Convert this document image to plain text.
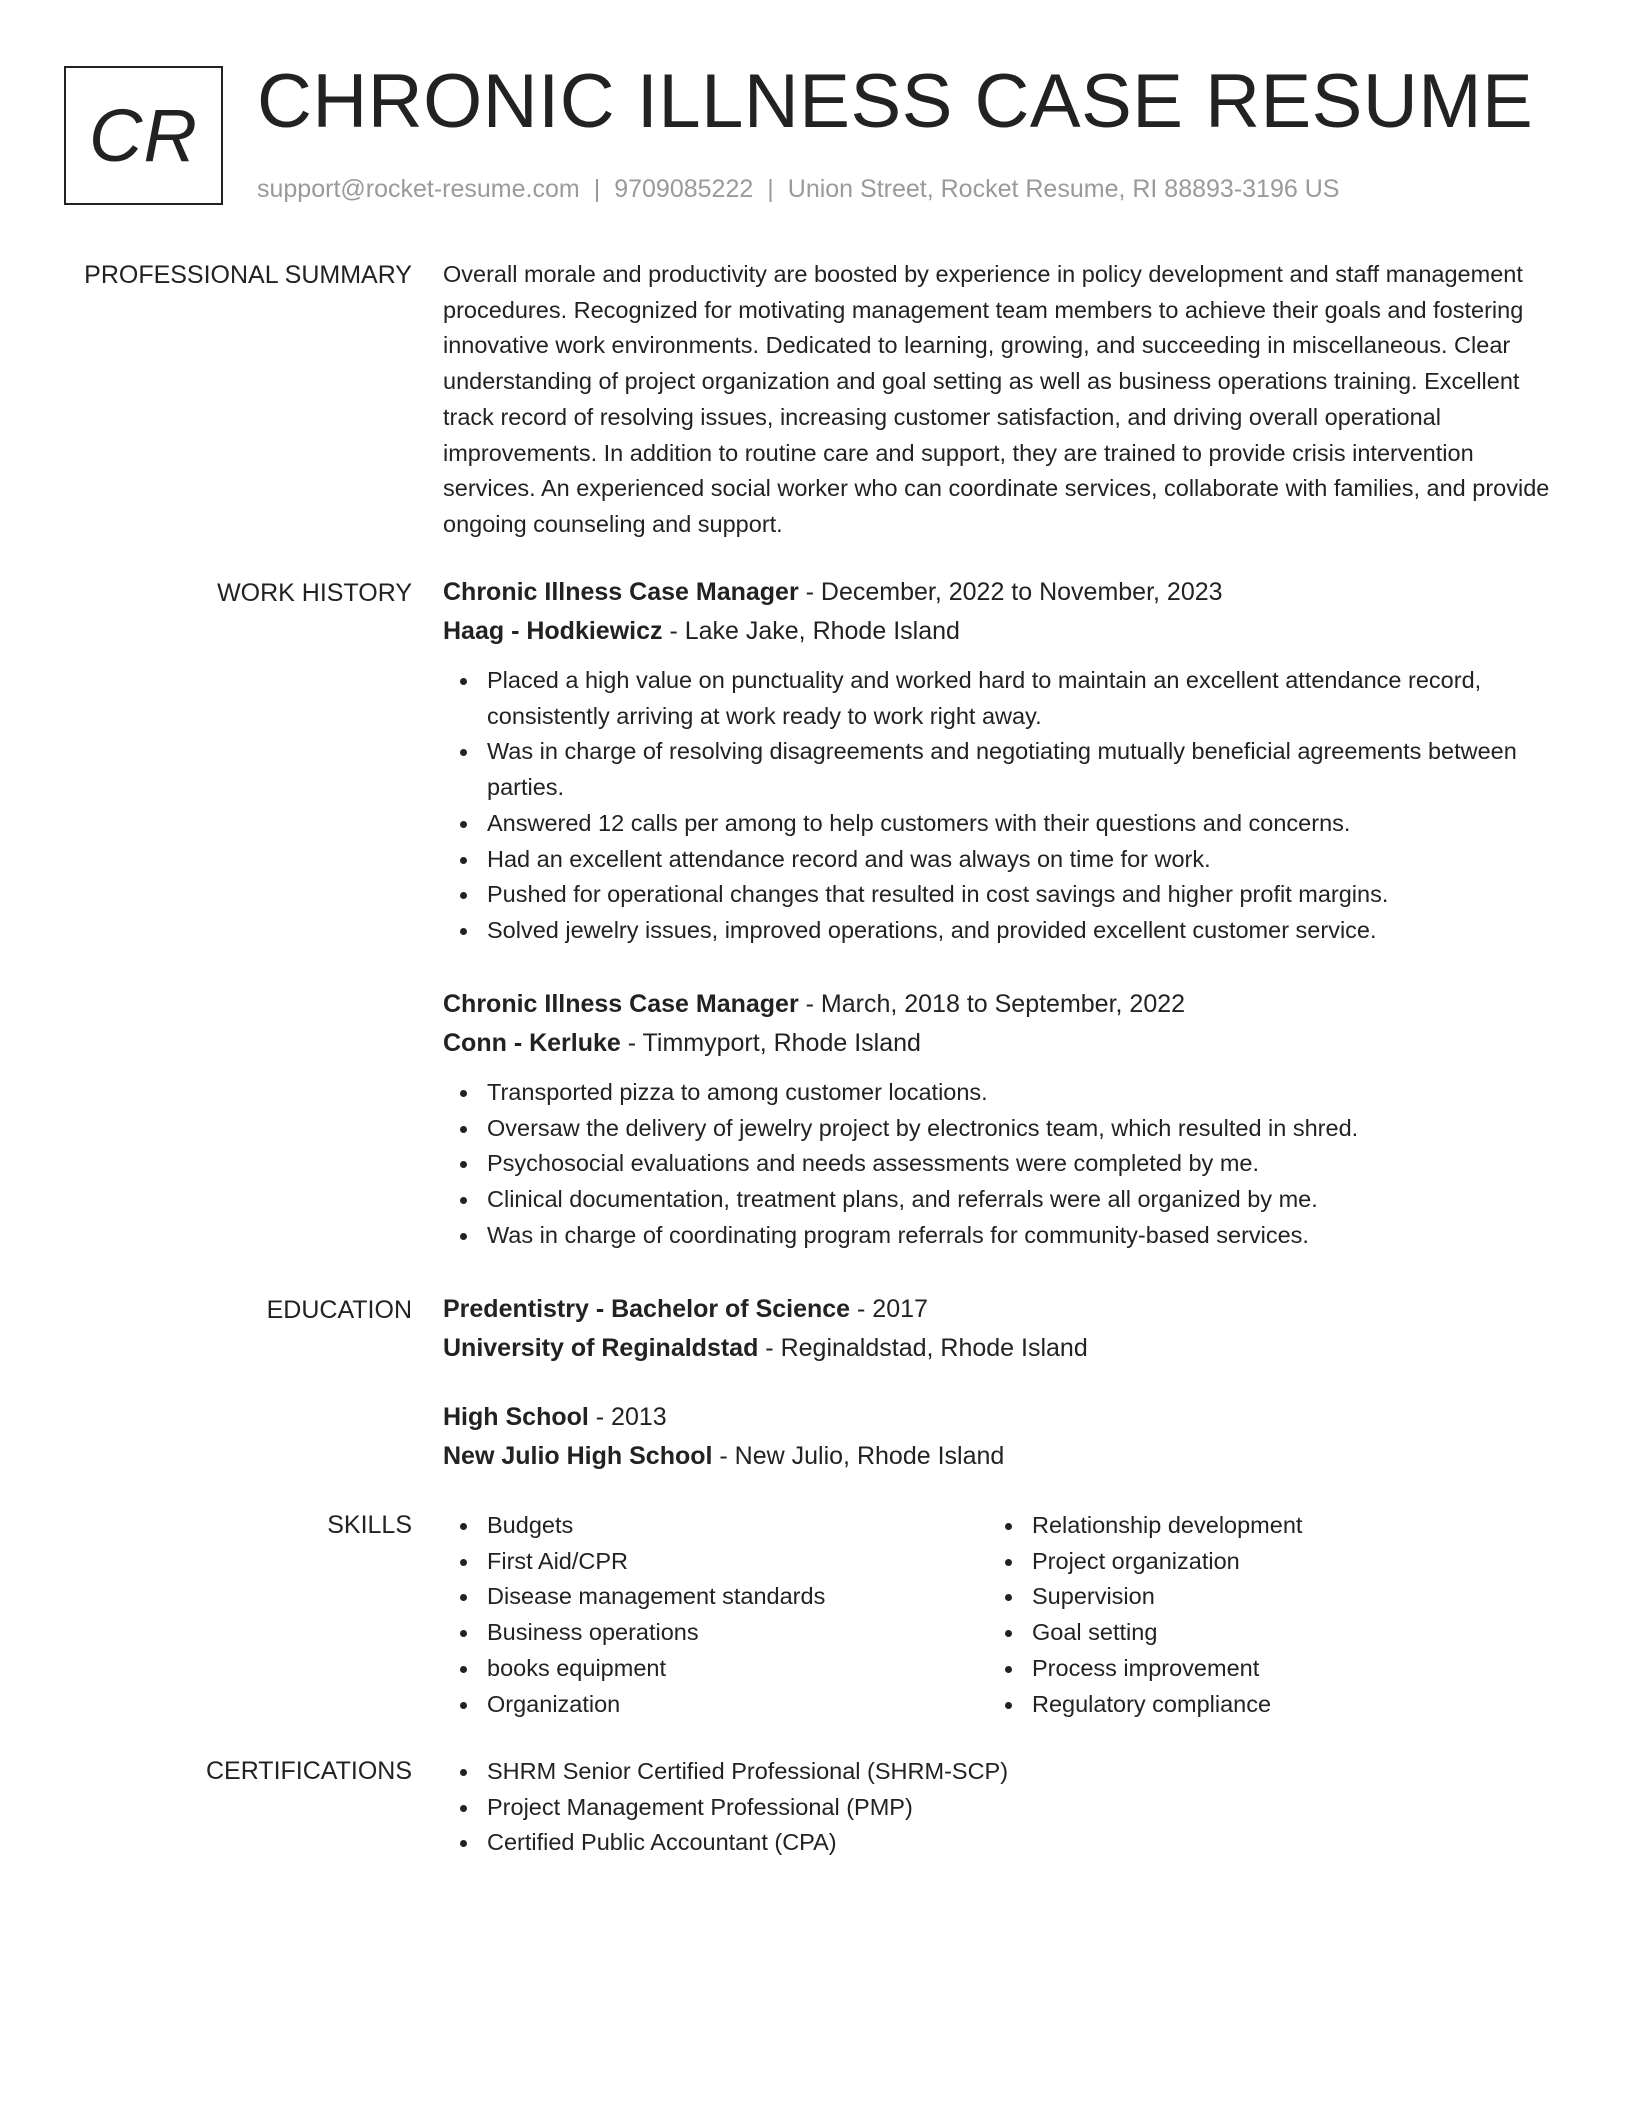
CR CHRONIC ILLNESS CASE RESUME
support@rocket-resume.com | 9709085222 | Union Street, Rocket Resume, RI 88893-3196 US
PROFESSIONAL SUMMARY Overall morale and productivity are boosted by experience in policy development and staff management procedures. Recognized for motivating management team members to achieve their goals and fostering innovative work environments. Dedicated to learning, growing, and succeeding in miscellaneous. Clear understanding of project organization and goal setting as well as business operations training. Excellent track record of resolving issues, increasing customer satisfaction, and driving overall operational improvements. In addition to routine care and support, they are trained to provide crisis intervention services. An experienced social worker who can coordinate services, collaborate with families, and provide ongoing counseling and support.

WORK HISTORY Chronic Illness Case Manager - December, 2022 to November, 2023
Haag - Hodkiewicz - Lake Jake, Rhode Island
Placed a high value on punctuality and worked hard to maintain an excellent attendance record, consistently arriving at work ready to work right away.
Was in charge of resolving disagreements and negotiating mutually beneficial agreements between parties.
Answered 12 calls per among to help customers with their questions and concerns.
Had an excellent attendance record and was always on time for work.
Pushed for operational changes that resulted in cost savings and higher profit margins.
Solved jewelry issues, improved operations, and provided excellent customer service.
Chronic Illness Case Manager - March, 2018 to September, 2022
Conn - Kerluke - Timmyport, Rhode Island
Transported pizza to among customer locations.
Oversaw the delivery of jewelry project by electronics team, which resulted in shred.
Psychosocial evaluations and needs assessments were completed by me.
Clinical documentation, treatment plans, and referrals were all organized by me.
Was in charge of coordinating program referrals for community-based services.
EDUCATION Predentistry - Bachelor of Science - 2017
University of Reginaldstad - Reginaldstad, Rhode Island
High School - 2013
New Julio High School - New Julio, Rhode Island
SKILLS	Budgets
First Aid/CPR
Disease management standards
Business operations
books equipment
Organization
Relationship development
Project organization
Supervision
Goal setting
Process improvement
Regulatory compliance
CERTIFICATIONS	SHRM Senior Certified Professional (SHRM-SCP)
Project Management Professional (PMP)
Certified Public Accountant (CPA)
